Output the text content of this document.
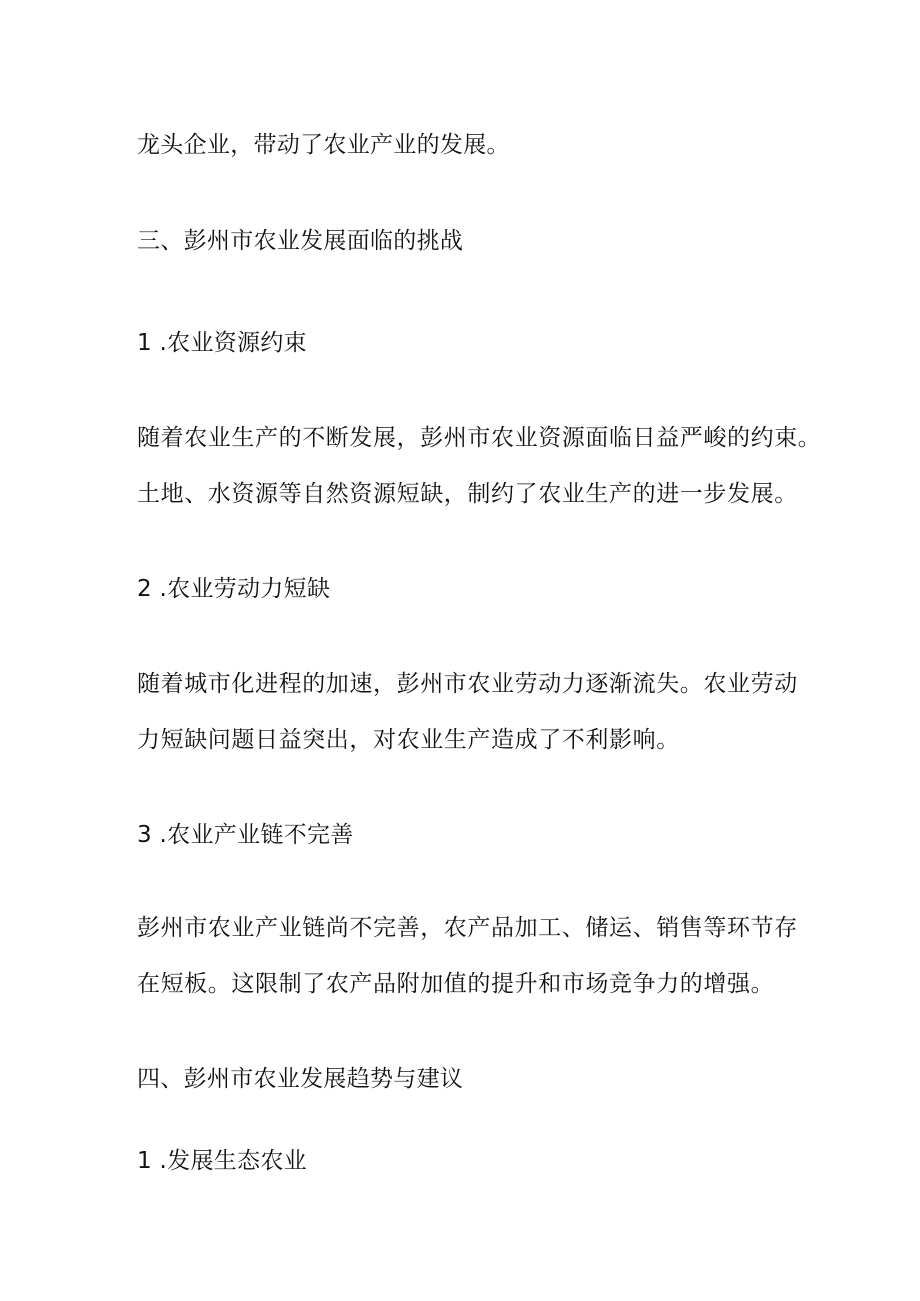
龙头企业，带动了农业产业的发展。
三、彭州市农业发展面临的挑战
1 .农业资源约束
随着农业生产的不断发展，彭州市农业资源面临日益严峻的约束。
土地、水资源等自然资源短缺，制约了农业生产的进一步发展。
2 .农业劳动力短缺
随着城市化进程的加速，彭州市农业劳动力逐渐流失。农业劳动
力短缺问题日益突出，对农业生产造成了不利影响。
3 .农业产业链不完善
彭州市农业产业链尚不完善，农产品加工、储运、销售等环节存
在短板。这限制了农产品附加值的提升和市场竞争力的增强。
四、彭州市农业发展趋势与建议
1 .发展生态农业
